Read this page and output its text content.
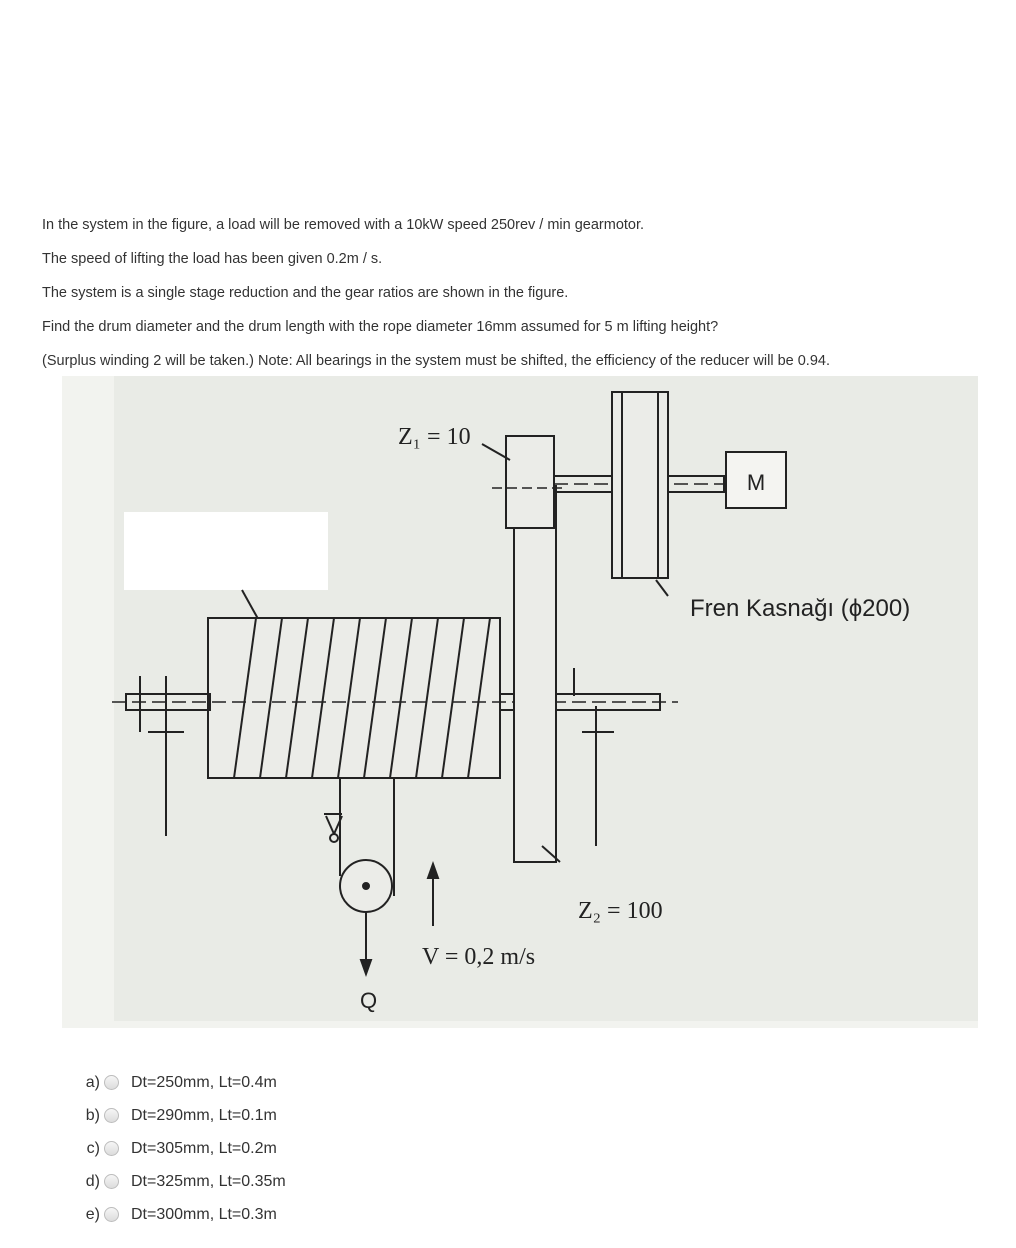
In the system in the figure, a load will be removed with a 10kW speed 250rev / min gearmotor.

The speed of lifting the load has been given 0.2m / s.

The system is a single stage reduction and the gear ratios are shown in the figure.

Find the drum diameter and the drum length with the rope diameter 16mm assumed for 5 m lifting height?

(Surplus winding 2 will be taken.) Note: All bearings in the system must be shifted, the efficiency of the reducer will be 0.94.

Z₁ = 10
Z₂ = 100
M
Fren Kasnağı (ϕ200)
V = 0,2 m/s
Q
a) Dt=250mm, Lt=0.4m
b) Dt=290mm, Lt=0.1m
c) Dt=305mm, Lt=0.2m
d) Dt=325mm, Lt=0.35m
e) Dt=300mm, Lt=0.3m
